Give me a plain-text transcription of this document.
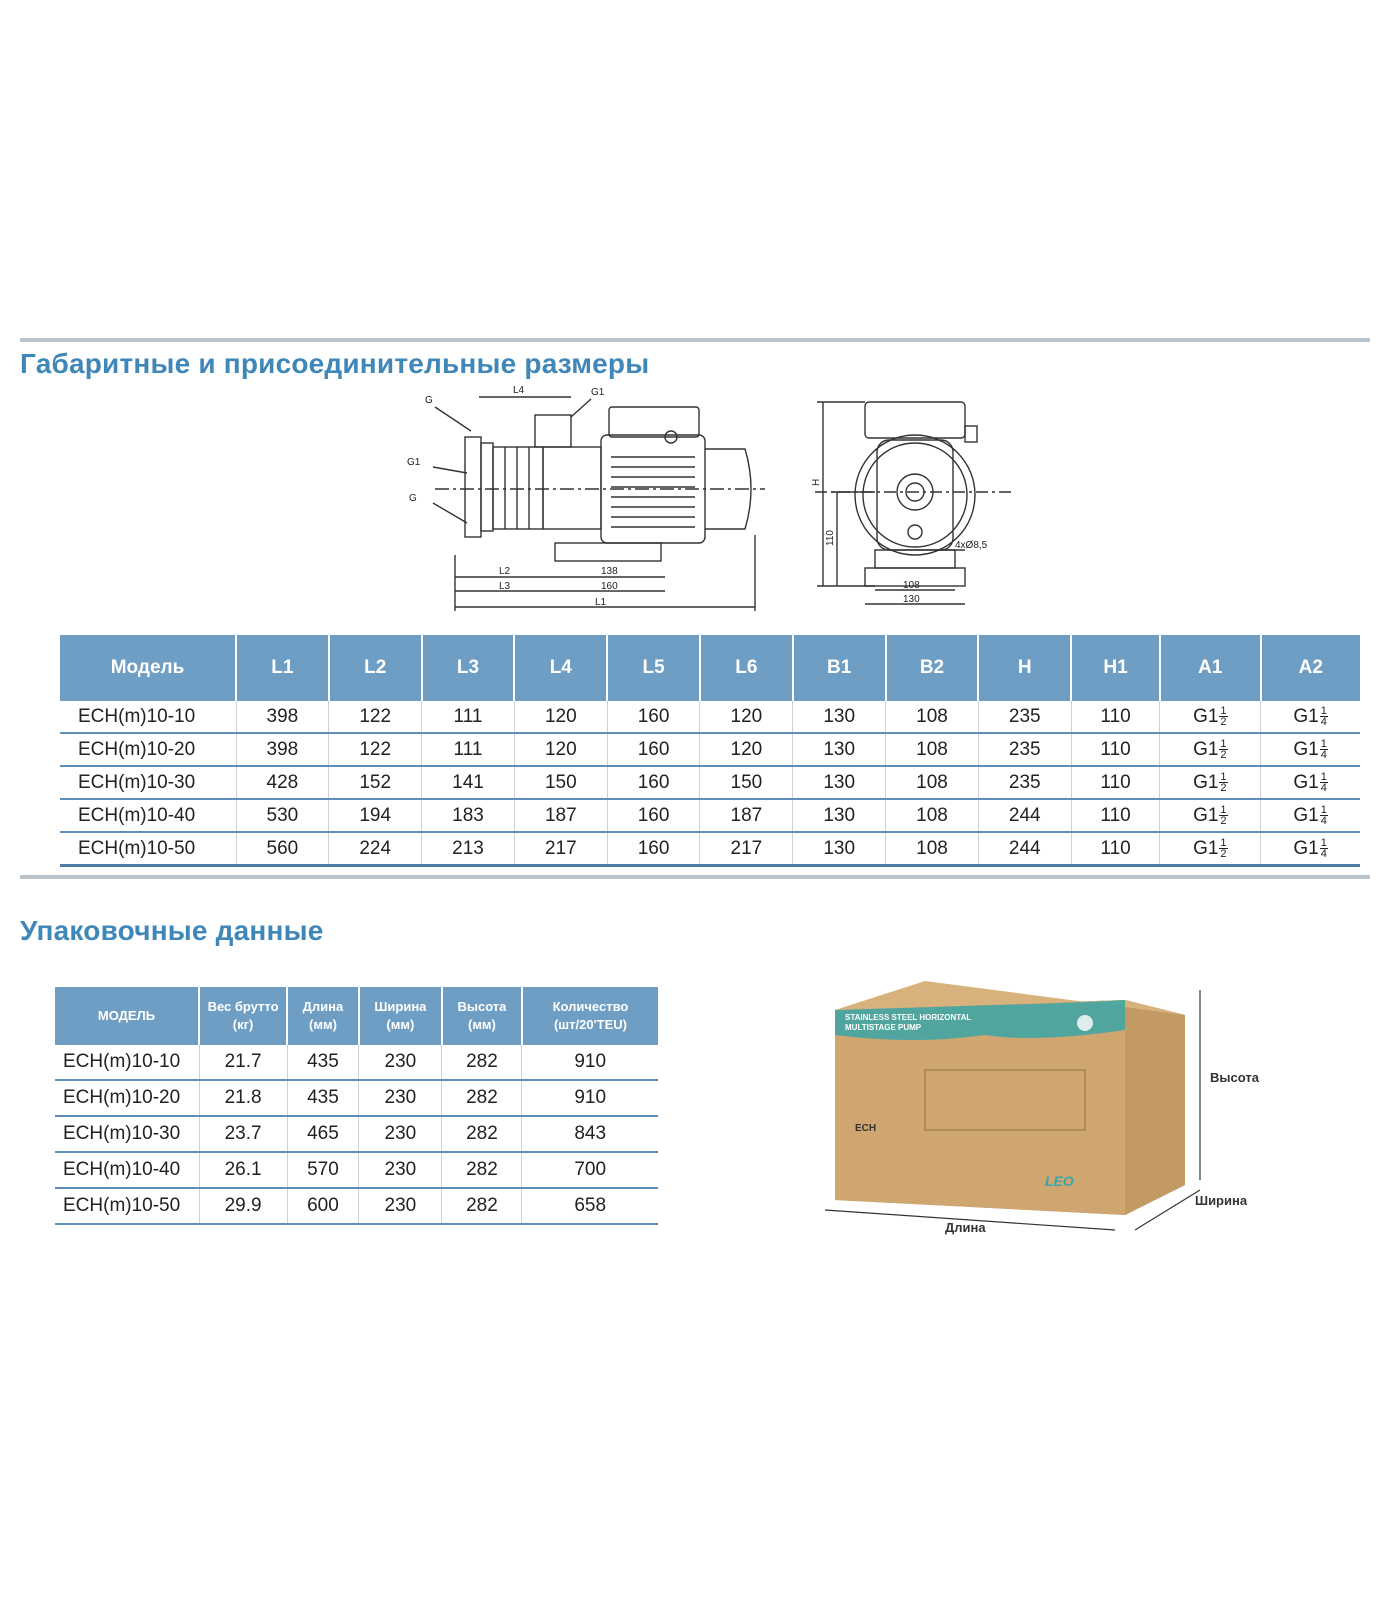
Габаритные и присоединительные размеры
L4
G
G1
G1
G
L2
L3
L1
138
160
H
110	4xØ8,5
108
130
Модель	L1	L2	L3	L4	L5	L6	B1	B2	H	H1	A1	A2
ECH(m)10-10	398	122	111	120	160	120	130	108	235	110	$G1 \frac{1}{2}$	$G1 \frac{1}{4}$

ECH(m)10-20	398	122	111	120	160	120	130	108	235	110	$G1 \frac{1}{2}$	$G1 \frac{1}{4}$

ECH(m)10-30	428	152	141	150	160	150	130	108	235	110	$G1 \frac{1}{2}$	$G1 \frac{1}{4}$

ECH(m)10-40	530	194	183	187	160	187	130	108	244	110	$G1 \frac{1}{2}$	$G1 \frac{1}{4}$

ECH(m)10-50	560	224	213	217	160	217	130	108	244	110	$G1 \frac{1}{2}$	$G1 \frac{1}{4}$
Упаковочные данные
МОДЕЛЬ	Вес брутто (кг)	Длина (мм)	Ширина (мм)	Высота (мм)	Количество (шт/20'TEU)
ECH(m)10-10	21.7	435	230	282	910
ECH(m)10-20	21.8	435	230	282	910
ECH(m)10-30	23.7	465	230	282	843
ECH(m)10-40	26.1	570	230	282	700
ECH(m)10-50	29.9	600	230	282	658
STAINLESS STEEL HORIZONTAL MULTISTAGE PUMP
ECH
LEO
Высота
Ширина
Длина
